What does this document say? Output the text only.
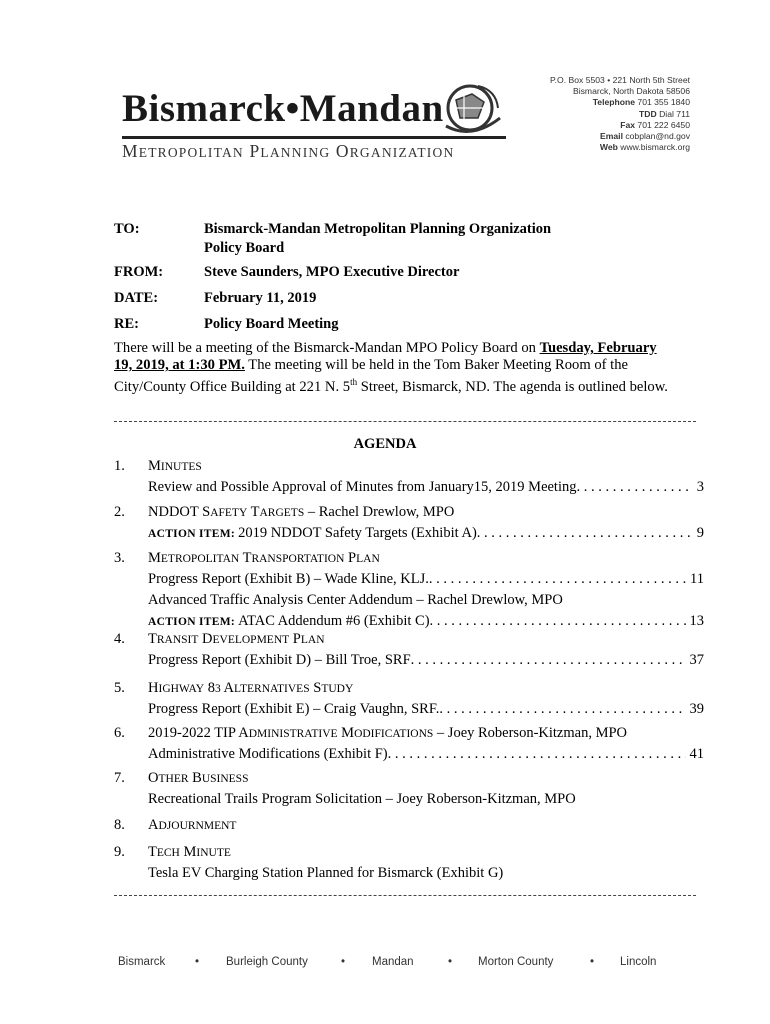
Bismarck•Mandan
METROPOLITAN PLANNING ORGANIZATION
P.O. Box 5503 • 221 North 5th Street
Bismarck, North Dakota 58506
Telephone 701 355 1840
TDD Dial 711
Fax 701 222 6450
Email cobplan@nd.gov
Web www.bismarck.org
TO:	Bismarck-Mandan Metropolitan Planning Organization
Policy Board
FROM:	Steve Saunders, MPO Executive Director
DATE:	February 11, 2019
RE:	Policy Board Meeting
There will be a meeting of the Bismarck-Mandan MPO Policy Board on Tuesday, February 19, 2019, at 1:30 PM. The meeting will be held in the Tom Baker Meeting Room of the City/County Office Building at 221 N. 5th Street, Bismarck, ND. The agenda is outlined below.
AGENDA
1. MINUTES
Review and Possible Approval of Minutes from January15, 2019 Meeting . . .	3
2. NDDOT SAFETY TARGETS – Rachel Drewlow, MPO
ACTION ITEM: 2019 NDDOT Safety Targets (Exhibit A) . . .	9
3. METROPOLITAN TRANSPORTATION PLAN
Progress Report (Exhibit B) – Wade Kline, KLJ. . . .	11
Advanced Traffic Analysis Center Addendum – Rachel Drewlow, MPO
ACTION ITEM: ATAC Addendum #6 (Exhibit C) . . .	13
4. TRANSIT DEVELOPMENT PLAN
Progress Report (Exhibit D) – Bill Troe, SRF . . .	37
5. HIGHWAY 83 ALTERNATIVES STUDY
Progress Report (Exhibit E) – Craig Vaughn, SRF. . . .	39
6. 2019-2022 TIP ADMINISTRATIVE MODIFICATIONS – Joey Roberson-Kitzman, MPO
Administrative Modifications (Exhibit F) . . .	41
7. OTHER BUSINESS
Recreational Trails Program Solicitation – Joey Roberson-Kitzman, MPO
8. ADJOURNMENT
9. TECH MINUTE
Tesla EV Charging Station Planned for Bismarck (Exhibit G)
Bismarck	• Burleigh County	• Mandan	• Morton County	• Lincoln
